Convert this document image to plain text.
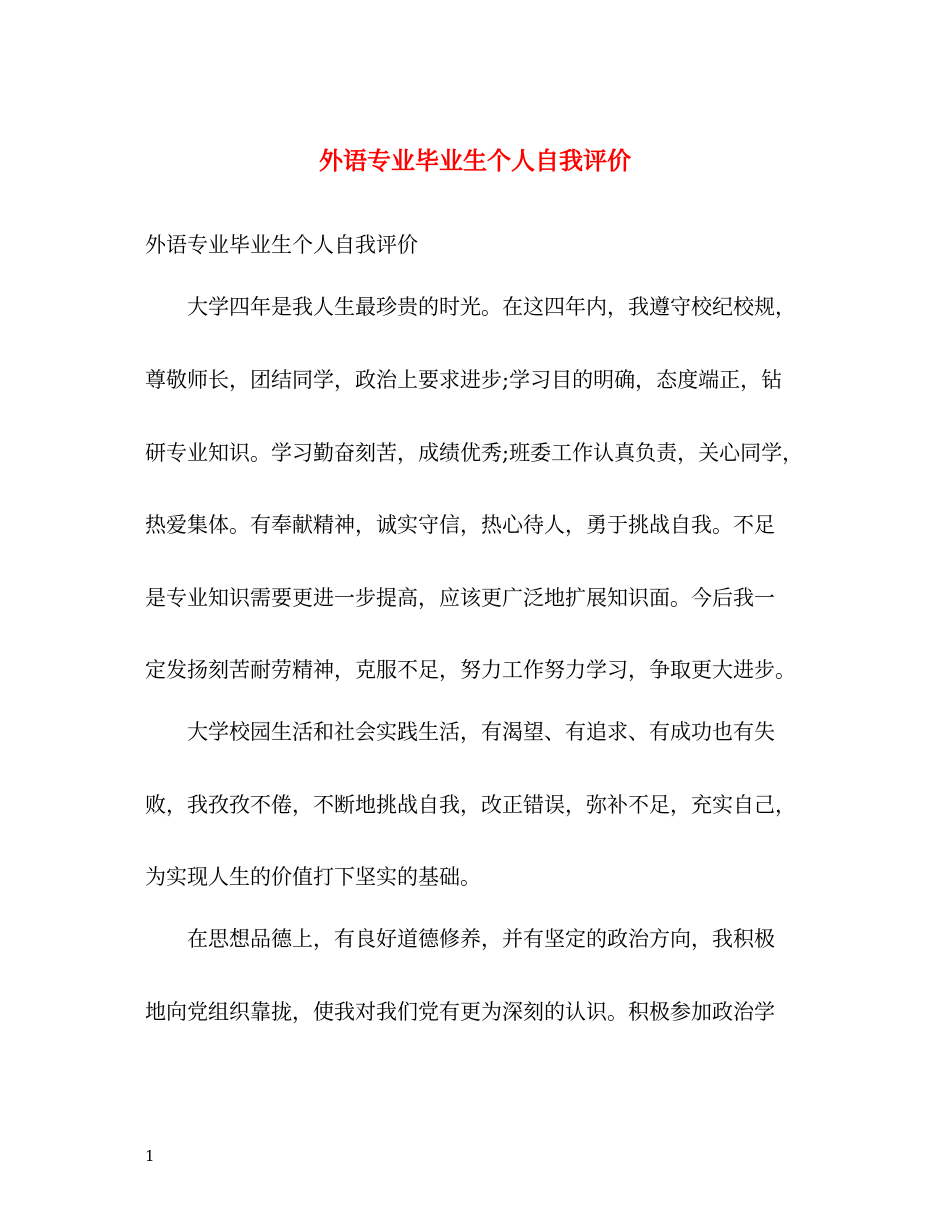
外语专业毕业生个人自我评价
外语专业毕业生个人自我评价
　　大学四年是我人生最珍贵的时光。在这四年内，我遵守校纪校规，
尊敬师长，团结同学，政治上要求进步;学习目的明确，态度端正，钻
研专业知识。学习勤奋刻苦，成绩优秀;班委工作认真负责，关心同学，
热爱集体。有奉献精神，诚实守信，热心待人，勇于挑战自我。不足
是专业知识需要更进一步提高，应该更广泛地扩展知识面。今后我一
定发扬刻苦耐劳精神，克服不足，努力工作努力学习，争取更大进步。
　　大学校园生活和社会实践生活，有渴望、有追求、有成功也有失
败，我孜孜不倦，不断地挑战自我，改正错误，弥补不足，充实自己，
为实现人生的价值打下坚实的基础。
　　在思想品德上，有良好道德修养，并有坚定的政治方向，我积极
地向党组织靠拢，使我对我们党有更为深刻的认识。积极参加政治学
1
